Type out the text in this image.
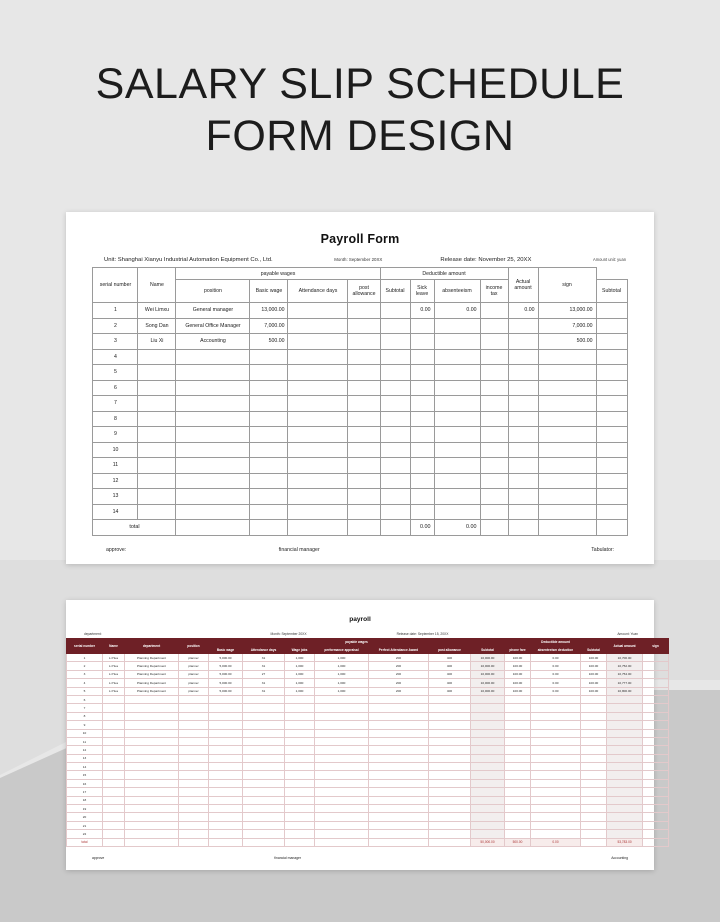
SALARY SLIP SCHEDULE
FORM DESIGN
Payroll Form
Unit: Shanghai Xianyu Industrial Automation Equipment Co., Ltd.	Month: September 20XX	Release date: November 25, 20XX	Amount unit: yuan
serial number	Name	payable wages				Deductible amount				Actual amount	sign	
		position	Basic wage	Attendance days	post allowance	Subtotal	Sick leave	absenteeism	income tax			Subtotal
1	Wei Limxu	General manager	13,000.00				0.00	0.00		0.00	13,000.00	
2	Song Dan	General Office Manager	7,000.00								7,000.00	
3	Liu Xi	Accounting	500.00								500.00	
4												
5												
6												
7												
8												
9												
10												
11												
12												
13												
14												
total							0.00	0.00				
approve:	financial manager	Tabulator:
payroll
department:	Month: September 20XX	Release date: September 15, 20XX	Amount: Yuan
serial number	Name	department	position	payable wages							Deductible amount			Actual amount	sign
				Basic wage	Attendance days	Wage jobs	performance appraisal	Perfect Attendance Award	post allowance	Subtotal	phone fare	absenteeism deduction	Subtotal		
1	Li Hua	Planning Department	planner	5,000.00	31	1,000	1,000	200	400	10,000.00	100.00	0.00	100.00	10,700.00	
2	Li Hua	Planning Department	planner	5,000.00	31	1,000	1,000	200	400	10,000.00	100.00	0.00	100.00	10,752.00	
3	Li Hua	Planning Department	planner	5,000.00	27	1,000	1,000	200	400	10,000.00	100.00	0.00	100.00	10,754.00	
4	Li Hua	Planning Department	planner	5,000.00	31	1,000	1,000	200	400	10,000.00	100.00	0.00	100.00	10,777.00	
5	Li Hua	Planning Department	planner	5,000.00	31	1,000	1,000	200	400	10,000.00	100.00	0.00	100.00	10,800.00	
6															
7															
8															
9															
10															
11															
12															
13															
14															
15															
16															
17															
18															
19															
20															
21															
22															
total										50,000.00	500.00	0.00		53,783.00	
approve	financial manager	Accounting
